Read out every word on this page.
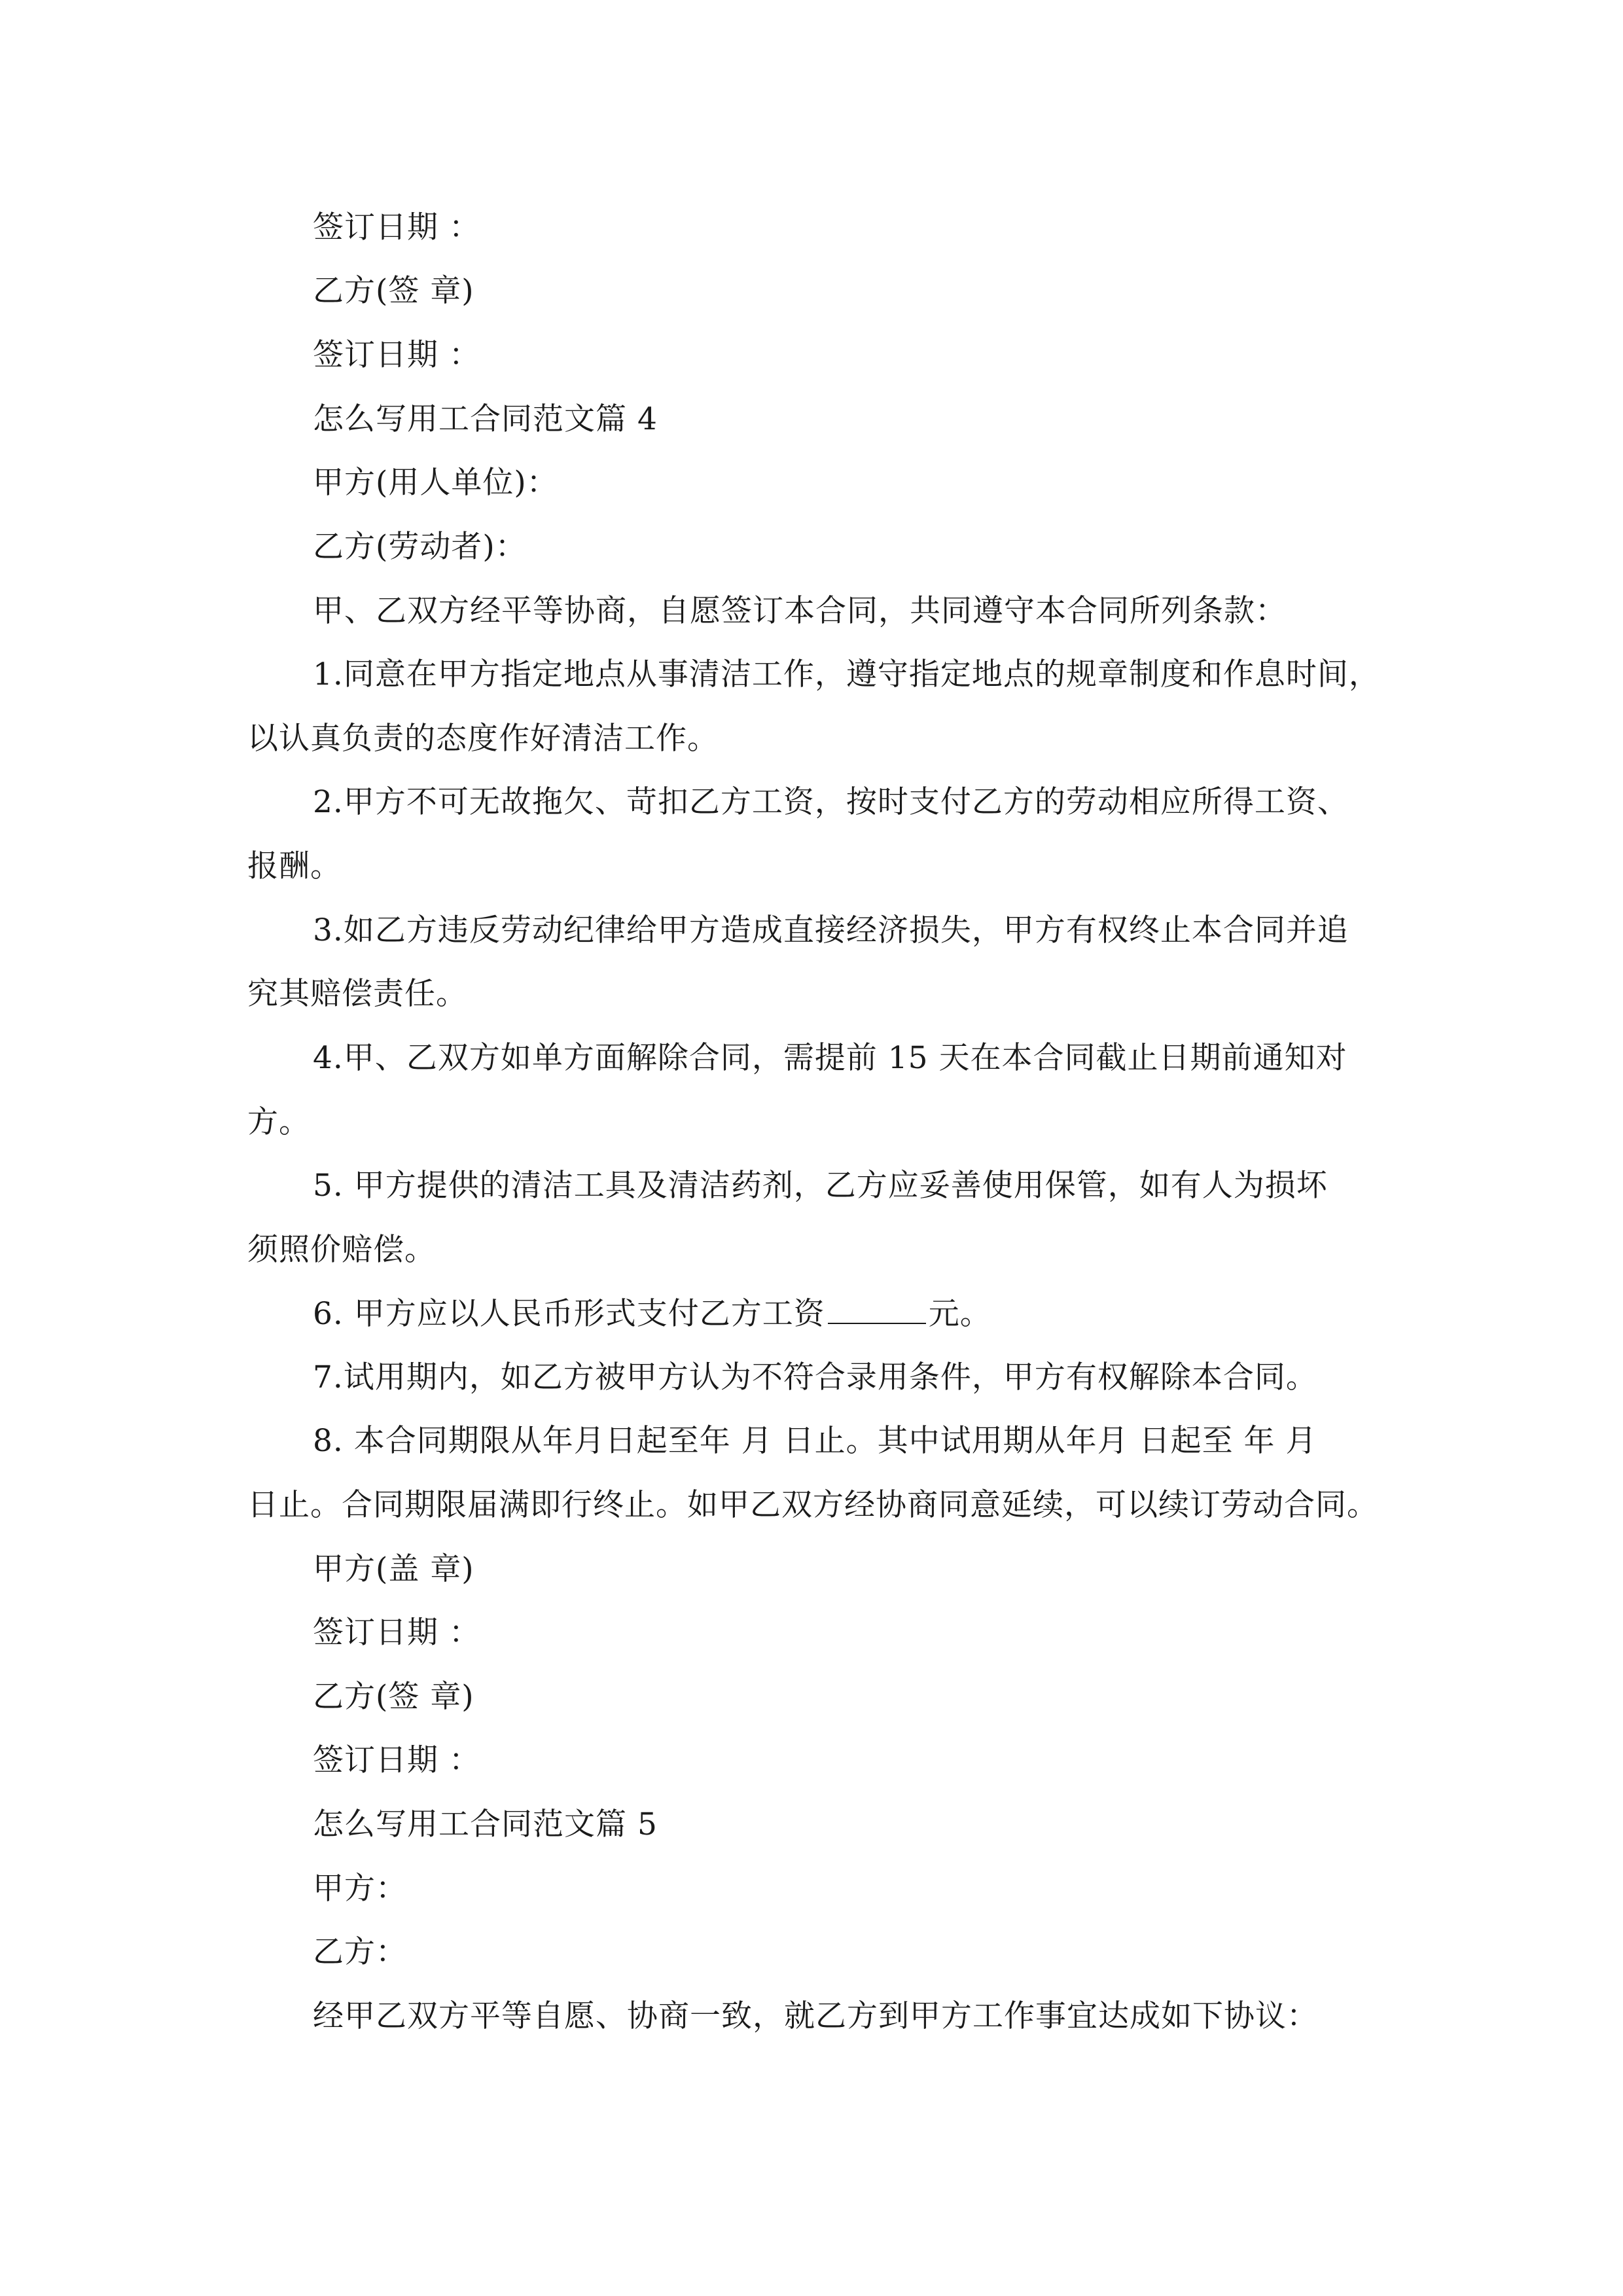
签订日期 ：
乙方(签 章)
签订日期 ：
怎么写用工合同范文篇 4
甲方(用人单位)：
乙方(劳动者)：
甲、乙双方经平等协商，自愿签订本合同，共同遵守本合同所列条款：
1.同意在甲方指定地点从事清洁工作，遵守指定地点的规章制度和作息时间，
以认真负责的态度作好清洁工作。
2.甲方不可无故拖欠、苛扣乙方工资，按时支付乙方的劳动相应所得工资、
报酬。
3.如乙方违反劳动纪律给甲方造成直接经济损失，甲方有权终止本合同并追
究其赔偿责任。
4.甲、乙双方如单方面解除合同，需提前 15 天在本合同截止日期前通知对
方。
5. 甲方提供的清洁工具及清洁药剂，乙方应妥善使用保管，如有人为损坏
须照价赔偿。
6. 甲方应以人民币形式支付乙方工资	元。
7.试用期内，如乙方被甲方认为不符合录用条件，甲方有权解除本合同。
8. 本合同期限从年月日起至年 月 日止。其中试用期从年月 日起至 年 月
日止。合同期限届满即行终止。如甲乙双方经协商同意延续，可以续订劳动合同。
甲方(盖 章)
签订日期 ：
乙方(签 章)
签订日期 ：
怎么写用工合同范文篇 5
甲方：
乙方：
经甲乙双方平等自愿、协商一致，就乙方到甲方工作事宜达成如下协议：
